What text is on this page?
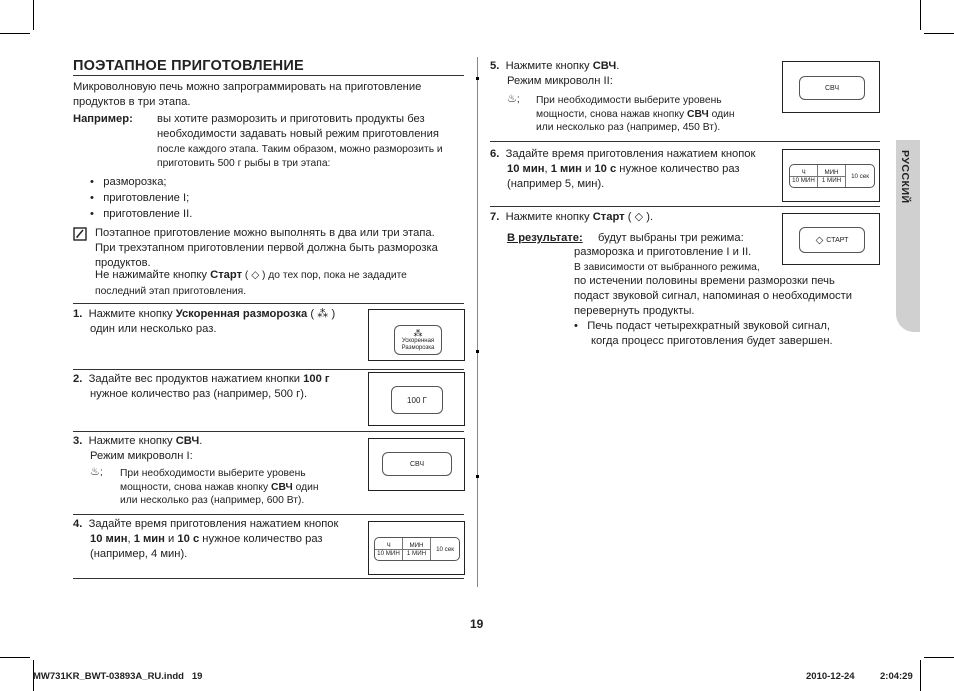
ПОЭТАПНОЕ ПРИГОТОВЛЕНИЕ
Микроволновую печь можно запрограммировать на приготовление продуктов в три этапа.
Например: вы хотите разморозить и приготовить продукты без необходимости задавать новый режим приготовления
после каждого этапа. Таким образом, можно разморозить и приготовить 500 г рыбы в три этапа:
•   разморозка;
•   приготовление I;
•   приготовление II.
Поэтапное приготовление можно выполнять в два или три этапа.
При трехэтапном приготовлении первой должна быть разморозка продуктов.
Не нажимайте кнопку Старт ( ◇ ) до тех пор, пока не зададите
последний этап приготовления.
1. Нажмите кнопку Ускоренная разморозка ( ⁂ )
один или несколько раз.	⁂
Ускоренная Разморозка
2. Задайте вес продуктов нажатием кнопки 100 г
нужное количество раз (например, 500 г).	100 Г
3. Нажмите кнопку СВЧ.
Режим микроволн I:
♨; При необходимости выберите уровень
мощности, снова нажав кнопку СВЧ один
или несколько раз (например, 600 Вт).
СВЧ
4. Задайте время приготовления нажатием кнопок
10 мин, 1 мин и 10 с нужное количество раз
(например, 4 мин).
Ч
10 МИН
МИН
1 МИН
10 сек
5. Нажмите кнопку СВЧ.
Режим микроволн II:
♨; При необходимости выберите уровень
мощности, снова нажав кнопку СВЧ один
или несколько раз (например, 450 Вт).
СВЧ
6. Задайте время приготовления нажатием кнопок
10 мин, 1 мин и 10 с нужное количество раз
(например 5, мин).
Ч
10 МИН
МИН
1 МИН
10 сек
7. Нажмите кнопку Старт ( ◇ ).
◇ СТАРТ
В результате: будут выбраны три режима:
разморозка и приготовление I и II.
В зависимости от выбранного режима,
по истечении половины времени разморозки печь
подаст звуковой сигнал, напоминая о необходимости
перевернуть продукты.
•   Печь подаст четырехкратный звуковой сигнал,
когда процесс приготовления будет завершен.
РУССКИЙ
19
MW731KR_BWT-03893A_RU.indd   19	2010-12-24	2:04:29
